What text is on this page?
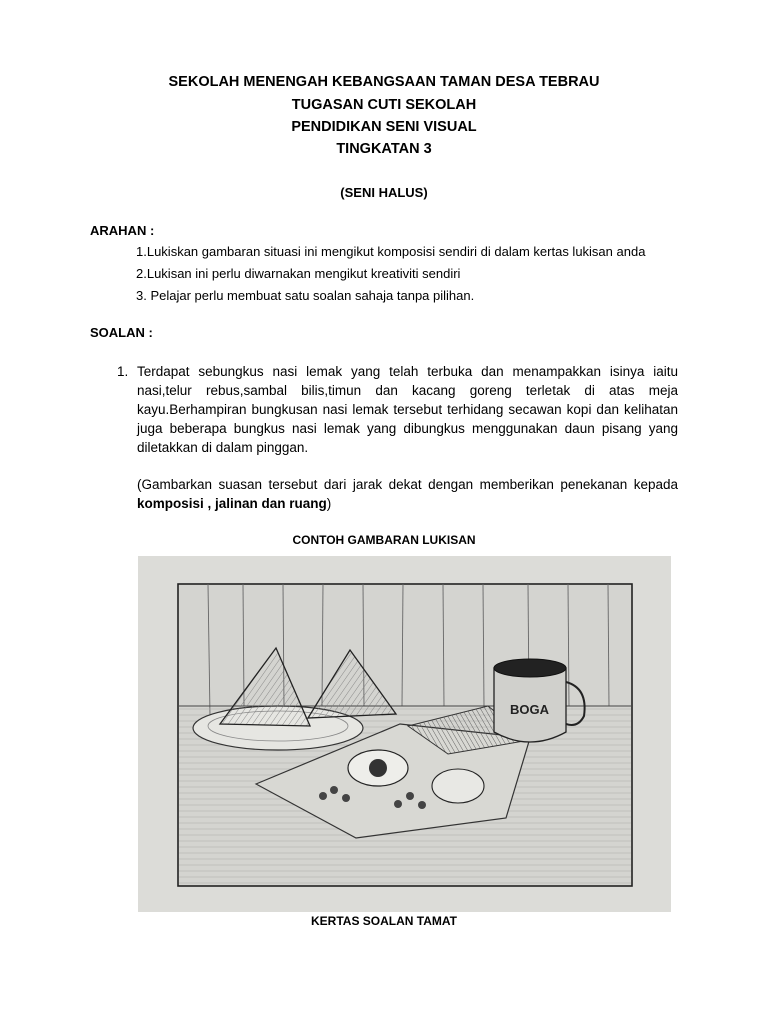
SEKOLAH MENENGAH KEBANGSAAN TAMAN DESA TEBRAU
TUGASAN CUTI SEKOLAH
PENDIDIKAN SENI VISUAL
TINGKATAN 3
(SENI HALUS)
ARAHAN :
1.Lukiskan gambaran situasi ini mengikut komposisi sendiri di dalam kertas lukisan anda
2.Lukisan ini perlu diwarnakan mengikut kreativiti sendiri
3. Pelajar perlu membuat satu soalan sahaja tanpa pilihan.
SOALAN :
1. Terdapat sebungkus nasi lemak yang telah terbuka dan menampakkan isinya iaitu nasi,telur rebus,sambal bilis,timun dan kacang goreng terletak di atas meja kayu.Berhampiran bungkusan nasi lemak tersebut terhidang secawan kopi dan kelihatan juga beberapa bungkus nasi lemak yang dibungkus menggunakan daun pisang yang diletakkan di dalam pinggan.
(Gambarkan suasan tersebut dari jarak dekat dengan memberikan penekanan kepada komposisi , jalinan dan ruang)
CONTOH GAMBARAN LUKISAN
BOGA
KERTAS SOALAN TAMAT
